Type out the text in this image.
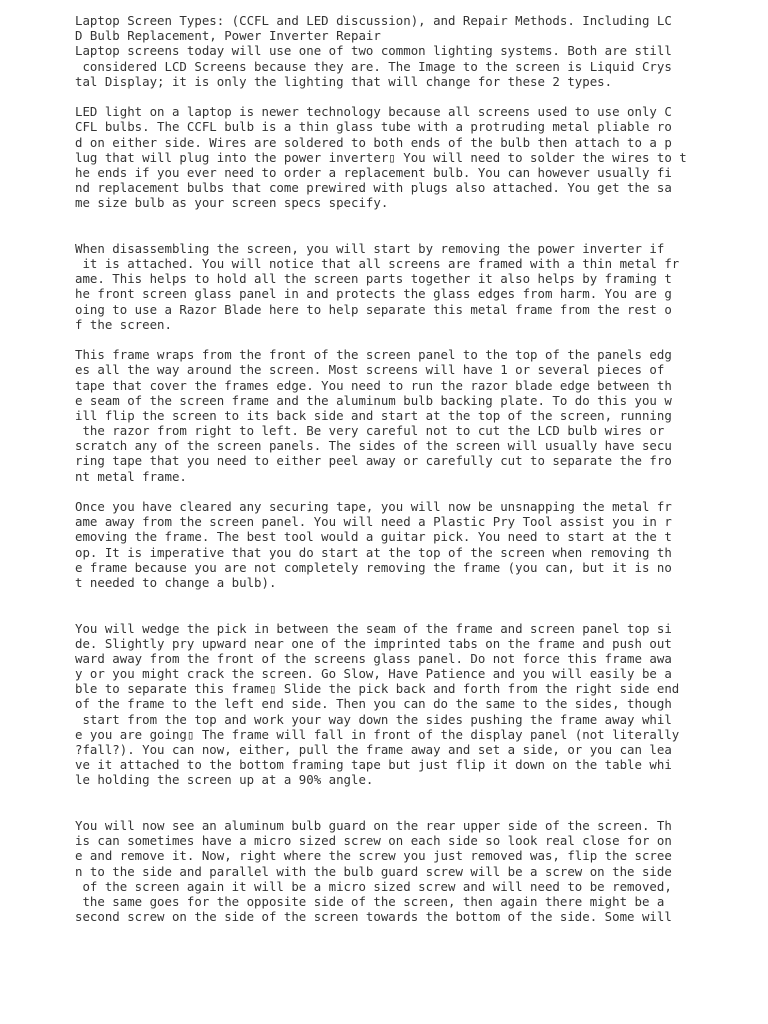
Laptop Screen Types: (CCFL and LED discussion), and Repair Methods. Including LC
D Bulb Replacement, Power Inverter Repair
Laptop screens today will use one of two common lighting systems. Both are still
considered LCD Screens because they are. The Image to the screen is Liquid Crys
tal Display; it is only the lighting that will change for these 2 types.
LED light on a laptop is newer technology because all screens used to use only C
CFL bulbs. The CCFL bulb is a thin glass tube with a protruding metal pliable ro
d on either side. Wires are soldered to both ends of the bulb then attach to a p
lug that will plug into the power inverter▯ You will need to solder the wires to t
he ends if you ever need to order a replacement bulb. You can however usually fi
nd replacement bulbs that come prewired with plugs also attached. You get the sa
me size bulb as your screen specs specify.
When disassembling the screen, you will start by removing the power inverter if
it is attached. You will notice that all screens are framed with a thin metal fr
ame. This helps to hold all the screen parts together it also helps by framing t
he front screen glass panel in and protects the glass edges from harm. You are g
oing to use a Razor Blade here to help separate this metal frame from the rest o
f the screen.
This frame wraps from the front of the screen panel to the top of the panels edg
es all the way around the screen. Most screens will have 1 or several pieces of
tape that cover the frames edge. You need to run the razor blade edge between th
e seam of the screen frame and the aluminum bulb backing plate. To do this you w
ill flip the screen to its back side and start at the top of the screen, running
the razor from right to left. Be very careful not to cut the LCD bulb wires or
scratch any of the screen panels. The sides of the screen will usually have secu
ring tape that you need to either peel away or carefully cut to separate the fro
nt metal frame.
Once you have cleared any securing tape, you will now be unsnapping the metal fr
ame away from the screen panel. You will need a Plastic Pry Tool assist you in r
emoving the frame. The best tool would a guitar pick. You need to start at the t
op. It is imperative that you do start at the top of the screen when removing th
e frame because you are not completely removing the frame (you can, but it is no
t needed to change a bulb).
You will wedge the pick in between the seam of the frame and screen panel top si
de. Slightly pry upward near one of the imprinted tabs on the frame and push out
ward away from the front of the screens glass panel. Do not force this frame awa
y or you might crack the screen. Go Slow, Have Patience and you will easily be a
ble to separate this frame▯ Slide the pick back and forth from the right side end
of the frame to the left end side. Then you can do the same to the sides, though
start from the top and work your way down the sides pushing the frame away whil
e you are going▯ The frame will fall in front of the display panel (not literally
?fall?). You can now, either, pull the frame away and set a side, or you can lea
ve it attached to the bottom framing tape but just flip it down on the table whi
le holding the screen up at a 90% angle.
You will now see an aluminum bulb guard on the rear upper side of the screen. Th
is can sometimes have a micro sized screw on each side so look real close for on
e and remove it. Now, right where the screw you just removed was, flip the scree
n to the side and parallel with the bulb guard screw will be a screw on the side
of the screen again it will be a micro sized screw and will need to be removed,
the same goes for the opposite side of the screen, then again there might be a
second screw on the side of the screen towards the bottom of the side. Some will
